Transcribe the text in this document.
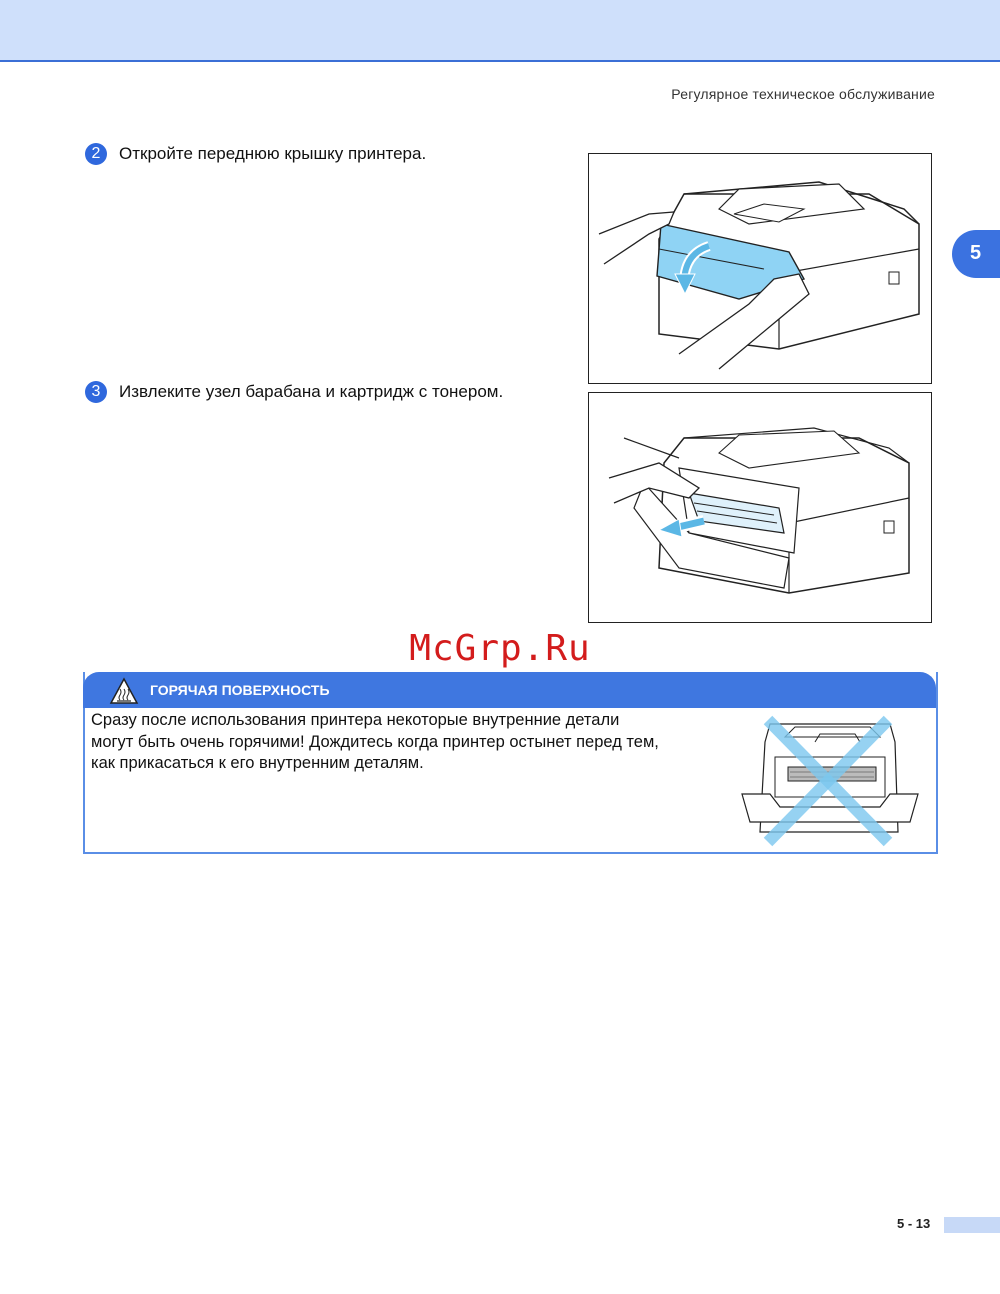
Регулярное техническое обслуживание
5
2	Откройте переднюю крышку принтера.
3	Извлеките узел барабана и картридж с тонером.
McGrp.Ru
ГОРЯЧАЯ ПОВЕРХНОСТЬ
Сразу после использования принтера некоторые внутренние детали
могут быть очень горячими! Дождитесь когда принтер остынет перед тем,
как прикасаться к его внутренним деталям.
5 - 13
